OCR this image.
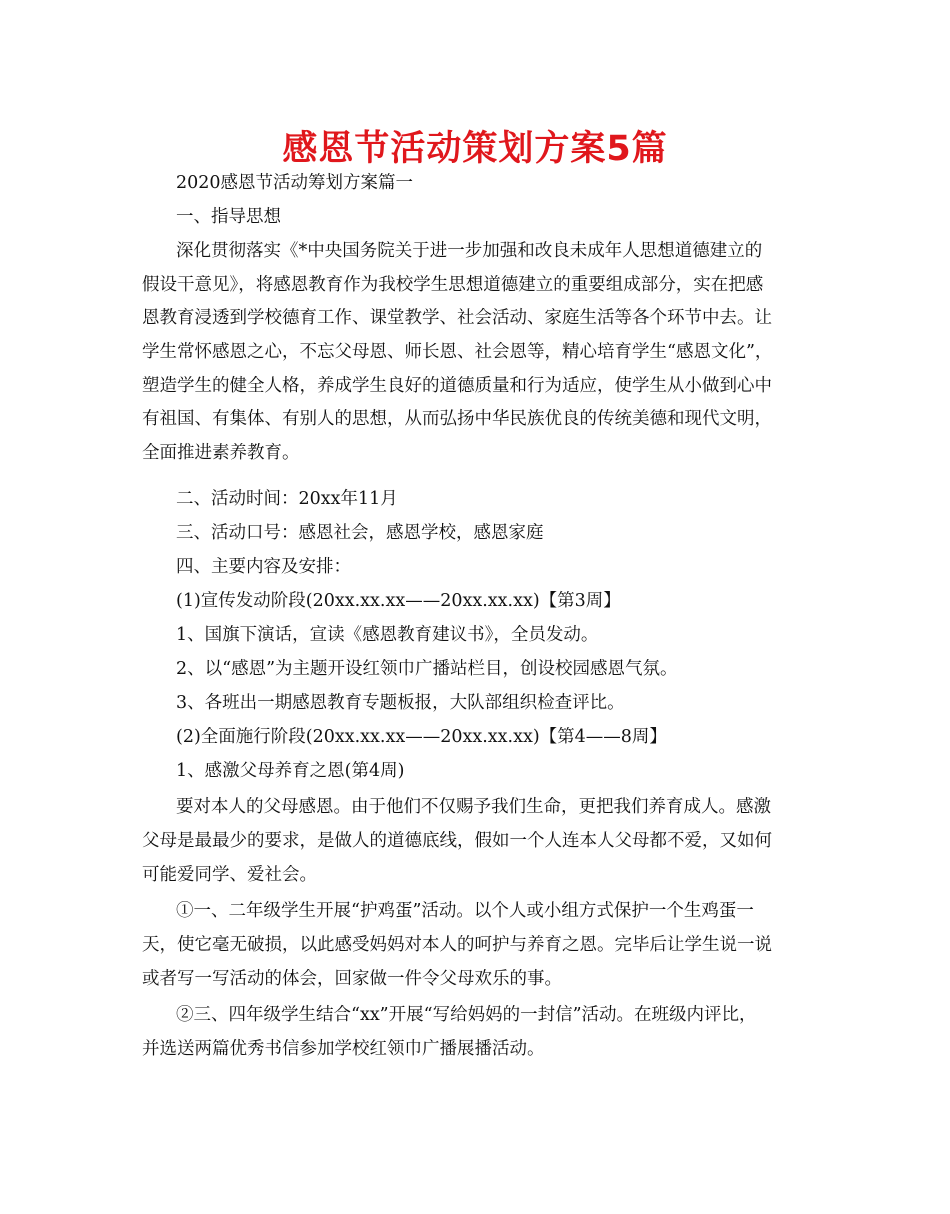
感恩节活动策划方案5篇
2020感恩节活动筹划方案篇一
一、指导思想
深化贯彻落实《*中央国务院关于进一步加强和改良未成年人思想道德建立的
假设干意见》，将感恩教育作为我校学生思想道德建立的重要组成部分，实在把感
恩教育浸透到学校德育工作、课堂教学、社会活动、家庭生活等各个环节中去。让
学生常怀感恩之心，不忘父母恩、师长恩、社会恩等，精心培育学生“感恩文化”，
塑造学生的健全人格，养成学生良好的道德质量和行为适应，使学生从小做到心中
有祖国、有集体、有别人的思想，从而弘扬中华民族优良的传统美德和现代文明，
全面推进素养教育。
二、活动时间：20xx年11月
三、活动口号：感恩社会，感恩学校，感恩家庭
四、主要内容及安排：
(1)宣传发动阶段(20xx.xx.xx——20xx.xx.xx)【第3周】
1、国旗下演话，宣读《感恩教育建议书》，全员发动。
2、以“感恩”为主题开设红领巾广播站栏目，创设校园感恩气氛。
3、各班出一期感恩教育专题板报，大队部组织检查评比。
(2)全面施行阶段(20xx.xx.xx——20xx.xx.xx)【第4——8周】
1、感激父母养育之恩(第4周)
要对本人的父母感恩。由于他们不仅赐予我们生命，更把我们养育成人。感激
父母是最最少的要求，是做人的道德底线，假如一个人连本人父母都不爱，又如何
可能爱同学、爱社会。
①一、二年级学生开展“护鸡蛋”活动。以个人或小组方式保护一个生鸡蛋一
天，使它毫无破损，以此感受妈妈对本人的呵护与养育之恩。完毕后让学生说一说
或者写一写活动的体会，回家做一件令父母欢乐的事。
②三、四年级学生结合“xx”开展“写给妈妈的一封信”活动。在班级内评比，
并选送两篇优秀书信参加学校红领巾广播展播活动。
